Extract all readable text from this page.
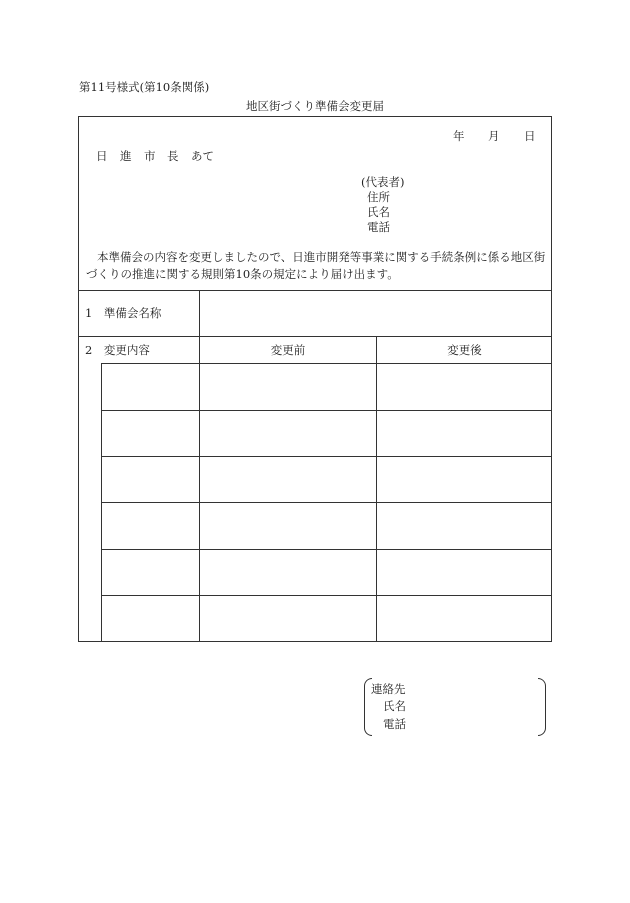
第11号様式(第10条関係)
地区街づくり準備会変更届
年 月 日
日 進 市 長 あて
(代表者)
住所
氏名
電話
本準備会の内容を変更しましたので、日進市開発等事業に関する手続条例に係る地区街づくりの推進に関する規則第10条の規定により届け出ます。
1　準備会名称
2　変更内容	変更前	変更後
連絡先
氏名
電話
